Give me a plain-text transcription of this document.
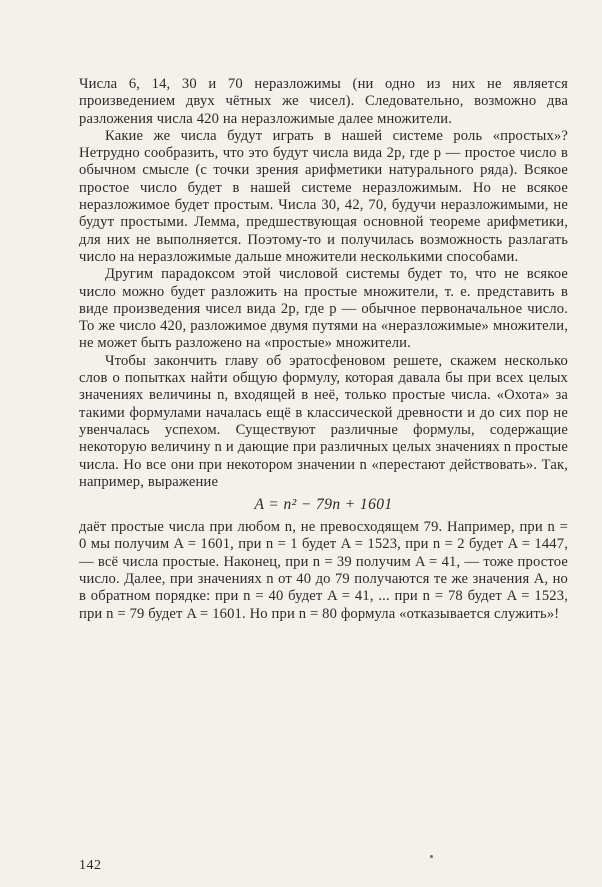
Числа 6, 14, 30 и 70 неразложимы (ни одно из них не является произведением двух чётных же чисел). Следовательно, возможно два разложения числа 420 на неразложимые далее множители.

Какие же числа будут играть в нашей системе роль «простых»? Нетрудно сообразить, что это будут числа вида 2p, где p — простое число в обычном смысле (с точки зрения арифметики натурального ряда). Всякое простое число будет в нашей системе неразложимым. Но не всякое неразложимое будет простым. Числа 30, 42, 70, будучи неразложимыми, не будут простыми. Лемма, предшествующая основной теореме арифметики, для них не выполняется. Поэтому-то и получилась возможность разлагать число на неразложимые дальше множители несколькими способами.

Другим парадоксом этой числовой системы будет то, что не всякое число можно будет разложить на простые множители, т. е. представить в виде произведения чисел вида 2p, где p — обычное первоначальное число. То же число 420, разложимое двумя путями на «неразложимые» множители, не может быть разложено на «простые» множители.

Чтобы закончить главу об эратосфеновом решете, скажем несколько слов о попытках найти общую формулу, которая давала бы при всех целых значениях величины n, входящей в неё, только простые числа. «Охота» за такими формулами началась ещё в классической древности и до сих пор не увенчалась успехом. Существуют различные формулы, содержащие некоторую величину n и дающие при различных целых значениях n простые числа. Но все они при некотором значении n «перестают действовать». Так, например, выражение

A = n² − 79n + 1601

даёт простые числа при любом n, не превосходящем 79. Например, при n = 0 мы получим A = 1601, при n = 1 будет A = 1523, при n = 2 будет A = 1447, — всё числа простые. Наконец, при n = 39 получим A = 41, — тоже простое число. Далее, при значениях n от 40 до 79 получаются те же значения A, но в обратном порядке: при n = 40 будет A = 41, ... при n = 78 будет A = 1523, при n = 79 будет A = 1601. Но при n = 80 формула «отказывается служить»!

142
